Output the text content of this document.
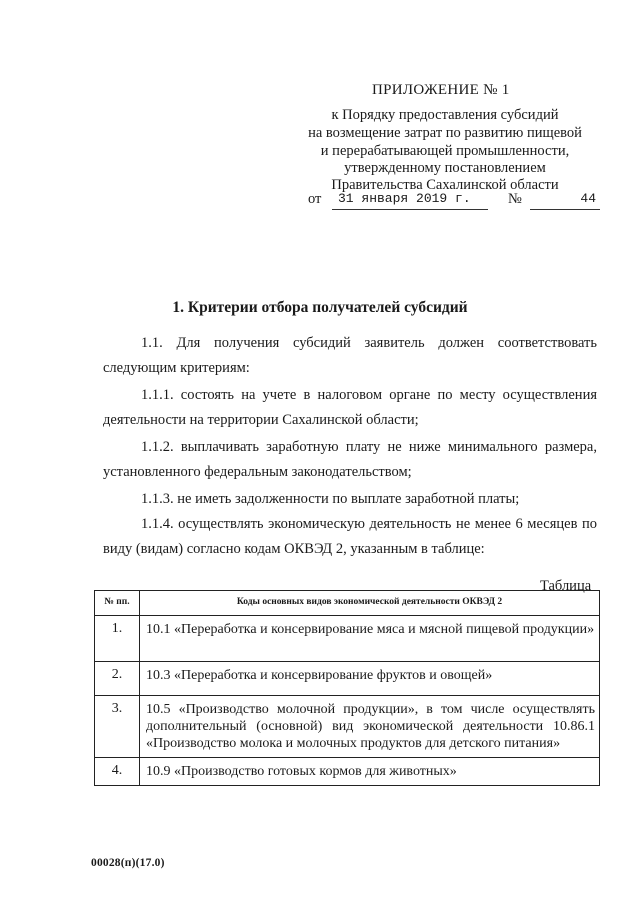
ПРИЛОЖЕНИЕ № 1
к Порядку предоставления субсидий
на возмещение затрат по развитию пищевой
и перерабатывающей промышленности,
утвержденному постановлением
Правительства Сахалинской области
от	31 января 2019 г.	№	44
1. Критерии отбора получателей субсидий
1.1. Для получения субсидий заявитель должен соответствовать следующим критериям:
1.1.1. состоять на учете в налоговом органе по месту осуществления деятельности на территории Сахалинской области;
1.1.2. выплачивать заработную плату не ниже минимального размера, установленного федеральным законодательством;
1.1.3. не иметь задолженности по выплате заработной платы;
1.1.4. осуществлять экономическую деятельность не менее 6 месяцев по виду (видам) согласно кодам ОКВЭД 2, указанным в таблице:
Таблица
№ пп.	Коды основных видов экономической деятельности ОКВЭД 2
1.	10.1 «Переработка и консервирование мяса и мясной пищевой продукции»
2.	10.3 «Переработка и консервирование фруктов и овощей»
3.	10.5 «Производство молочной продукции», в том числе осуществлять дополнительный (основной) вид экономической деятельности 10.86.1 «Производство молока и молочных продуктов для детского питания»
4.	10.9 «Производство готовых кормов для животных»
00028(п)(17.0)
